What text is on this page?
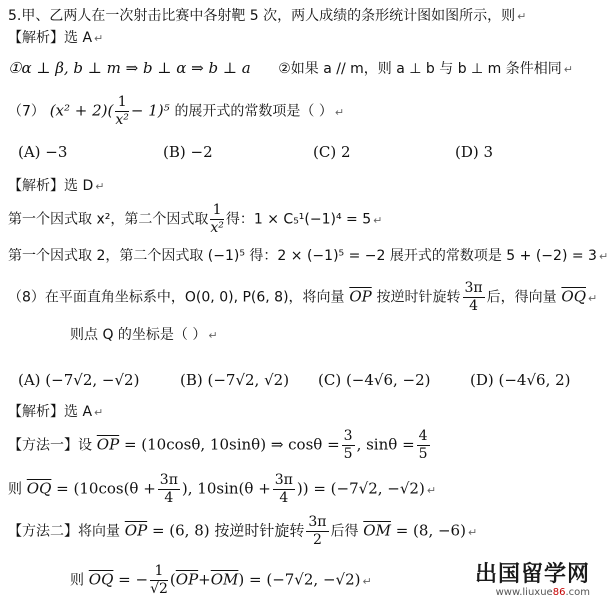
5.甲、乙两人在一次射击比赛中各射靶 5 次，两人成绩的条形统计图如图所示，则 ↵
【解析】选 A ↵
①α ⊥ β, b ⊥ m ⇒ b ⊥ α ⇒ b ⊥ a ②如果 a // m，则 a ⊥ b 与 b ⊥ m 条件相同 ↵
（7） $(x^2 + 2)( \frac{1}{\text{x²}} - 1)^5$ 的展开式的常数项是（ ） ↵
(A) −3	(B) −2	(C) 2	(D) 3
【解析】选 D ↵
第一个因式取 x²，第二个因式取 $\frac{1}{\text{x²}}$ 得：1 × C₅¹(−1)⁴ = 5 ↵
第一个因式取 2，第二个因式取 (−1)⁵ 得：2 × (−1)⁵ = −2 展开式的常数项是 5 + (−2) = 3 ↵
（8）在平面直角坐标系中，O(0, 0), P(6, 8)，将向量 $\overline{OP}$ 按逆时针旋转 $\frac{3\pi}{4}$ 后，得向量 $\overline{OQ}$ ↵
则点 Q 的坐标是（ ） ↵
(A) (−7√2, −√2)	(B) (−7√2, √2) (C) (−4√6, −2)	(D) (−4√6, 2)
【解析】选 A ↵
【方法一】设 $\overline{OP} = (10\cos\theta$, 10sinθ) ⇒ $\cos\theta = \frac{3}{5}$ , $\sin\theta = \frac{4}{5}$
则 $\overline{OQ} = (10\cos(\theta + \frac{3\pi}{4}$ ), $10\sin(\theta + \frac{3\pi}{4}$ )) = (−7√2, −√2) ↵
【方法二】将向量 $\overline{OP} = (6$, 8) 按逆时针旋转 $\frac{3\pi}{2}$ 后得 $\overline{OM} = (8$, −6) ↵
则 $\overline{OQ}$ = − $\frac{1}{√2} (\overline{OP}+\overline{OM}) = (-7√2$, −√2) ↵	出国留学网
www.liuxue86.com
